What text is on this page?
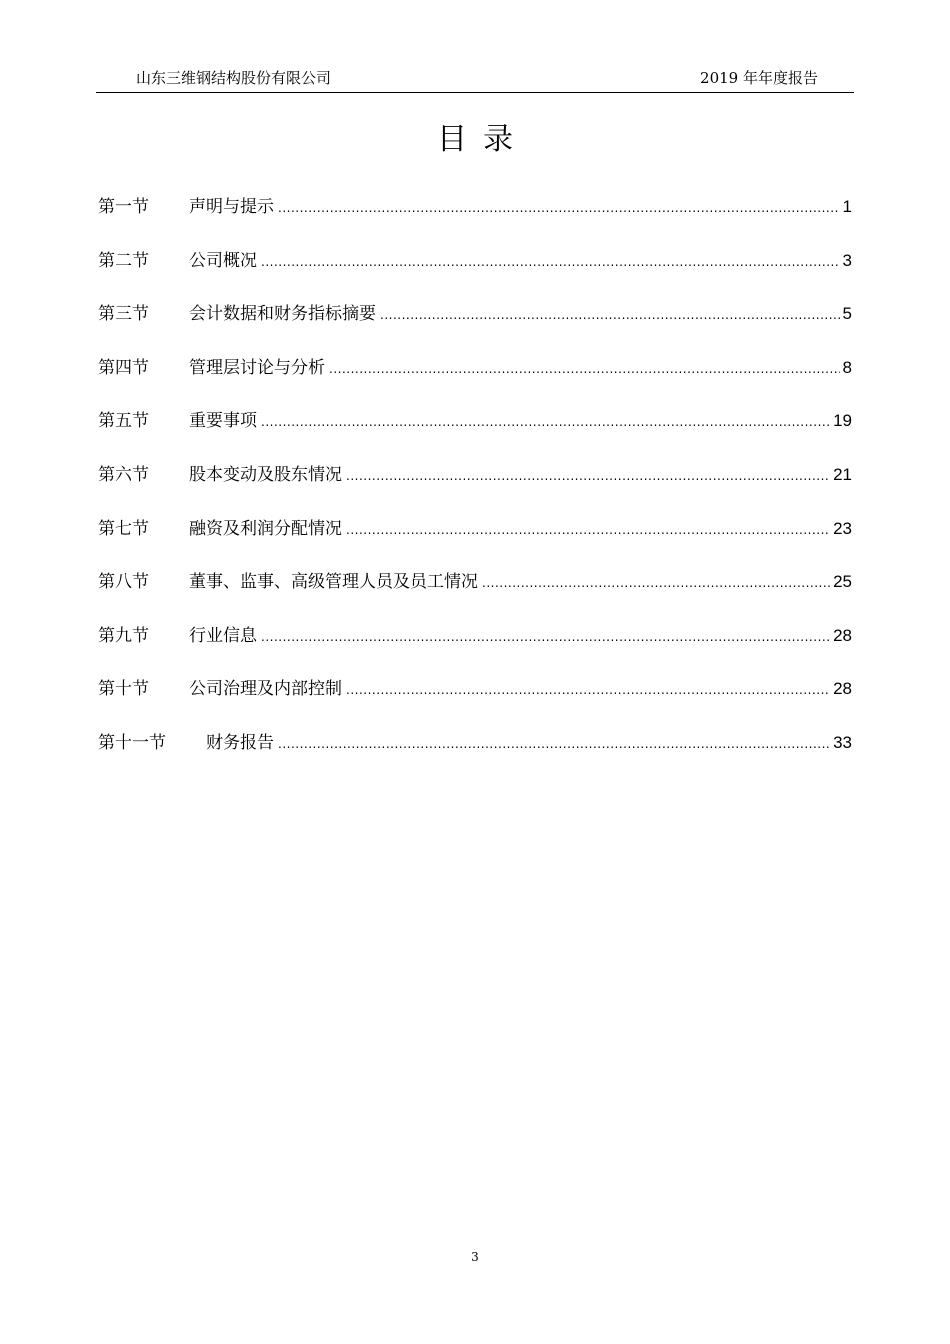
山东三维钢结构股份有限公司	2019 年年度报告
目录
第一节	声明与提示 .....	1
第二节	公司概况 .....	3
第三节	会计数据和财务指标摘要 .....	5
第四节	管理层讨论与分析 .....	8
第五节	重要事项 .....	19
第六节	股本变动及股东情况 .....	21
第七节	融资及利润分配情况 .....	23
第八节	董事、监事、高级管理人员及员工情况 .....	25
第九节	行业信息 .....	28
第十节	公司治理及内部控制 .....	28
第十一节	财务报告 .....	33
3
